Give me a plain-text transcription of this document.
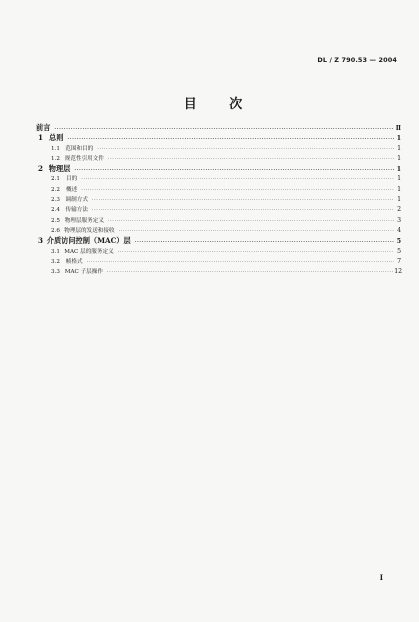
DL / Z 790.53 — 2004
目 次
前言 ·····	Ⅱ
1 总则 ·····	1
1.1 范围和目的 ·····	1
1.2 规范性引用文件 ·····	1
2 物理层 ·····	1
2.1	目的 ·····	1
2.2	概述 ·····	1
2.3	调制方式 ·····	1
2.4	传输方法 ·····	2
2.5 物理层服务定义 ·····	3
2.6 物理层的发送和接收 ·····	4
3 介质访问控制（MAC）层 ·····	5
3.1 MAC 层的服务定义 ·····	5
3.2	帧格式 ·····	7
3.3 MAC 子层操作 ·····	12
I
